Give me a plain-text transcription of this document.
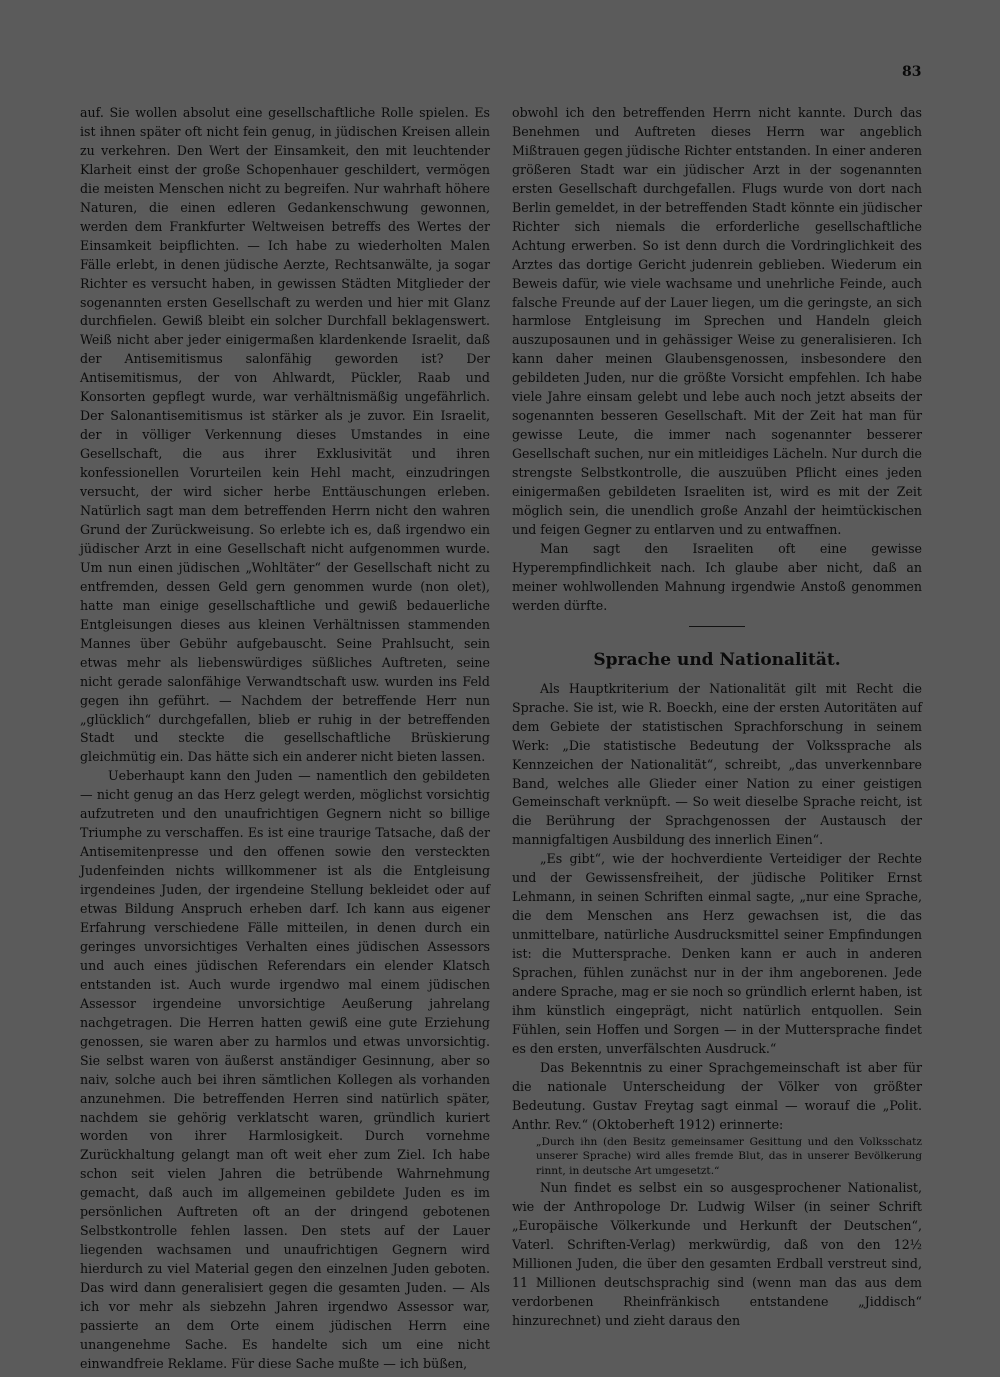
83

auf. Sie wollen absolut eine gesellschaftliche Rolle spielen. Es ist ihnen später oft nicht fein genug, in jüdischen Kreisen allein zu verkehren. Den Wert der Einsamkeit, den mit leuchtender Klarheit einst der große Schopenhauer geschildert, vermögen die meisten Menschen nicht zu begreifen. Nur wahrhaft höhere Naturen, die einen edleren Gedankenschwung gewonnen, werden dem Frankfurter Weltweisen betreffs des Wertes der Einsamkeit beipflichten. — Ich habe zu wiederholten Malen Fälle erlebt, in denen jüdische Aerzte, Rechtsanwälte, ja sogar Richter es versucht haben, in gewissen Städten Mitglieder der sogenannten ersten Gesellschaft zu werden und hier mit Glanz durchfielen. Gewiß bleibt ein solcher Durchfall beklagenswert. Weiß nicht aber jeder einigermaßen klardenkende Israelit, daß der Antisemitismus salonfähig geworden ist? Der Antisemitismus, der von Ahlwardt, Pückler, Raab und Konsorten gepflegt wurde, war verhältnismäßig ungefährlich. Der Salonantisemitismus ist stärker als je zuvor. Ein Israelit, der in völliger Verkennung dieses Umstandes in eine Gesellschaft, die aus ihrer Exklusivität und ihren konfessionellen Vorurteilen kein Hehl macht, einzudringen versucht, der wird sicher herbe Enttäuschungen erleben. Natürlich sagt man dem betreffenden Herrn nicht den wahren Grund der Zurückweisung. So erlebte ich es, daß irgendwo ein jüdischer Arzt in eine Gesellschaft nicht aufgenommen wurde. Um nun einen jüdischen „Wohltäter“ der Gesellschaft nicht zu entfremden, dessen Geld gern genommen wurde (non olet), hatte man einige gesellschaftliche und gewiß bedauerliche Entgleisungen dieses aus kleinen Verhältnissen stammenden Mannes über Gebühr aufgebauscht. Seine Prahlsucht, sein etwas mehr als liebenswürdiges süßliches Auftreten, seine nicht gerade salonfähige Verwandtschaft usw. wurden ins Feld gegen ihn geführt. — Nachdem der betreffende Herr nun „glücklich“ durchgefallen, blieb er ruhig in der betreffenden Stadt und steckte die gesellschaftliche Brüskierung gleichmütig ein. Das hätte sich ein anderer nicht bieten lassen.

Ueberhaupt kann den Juden — namentlich den gebildeten — nicht genug an das Herz gelegt werden, möglichst vorsichtig aufzutreten und den unaufrichtigen Gegnern nicht so billige Triumphe zu verschaffen. Es ist eine traurige Tatsache, daß der Antisemitenpresse und den offenen sowie den versteckten Judenfeinden nichts willkommener ist als die Entgleisung irgendeines Juden, der irgendeine Stellung bekleidet oder auf etwas Bildung Anspruch erheben darf. Ich kann aus eigener Erfahrung verschiedene Fälle mitteilen, in denen durch ein geringes unvorsichtiges Verhalten eines jüdischen Assessors und auch eines jüdischen Referendars ein elender Klatsch entstanden ist. Auch wurde irgendwo mal einem jüdischen Assessor irgendeine unvorsichtige Aeußerung jahrelang nachgetragen. Die Herren hatten gewiß eine gute Erziehung genossen, sie waren aber zu harmlos und etwas unvorsichtig. Sie selbst waren von äußerst anständiger Gesinnung, aber so naiv, solche auch bei ihren sämtlichen Kollegen als vorhanden anzunehmen. Die betreffenden Herren sind natürlich später, nachdem sie gehörig verklatscht waren, gründlich kuriert worden von ihrer Harmlosigkeit. Durch vornehme Zurückhaltung gelangt man oft weit eher zum Ziel. Ich habe schon seit vielen Jahren die betrübende Wahrnehmung gemacht, daß auch im allgemeinen gebildete Juden es im persönlichen Auftreten oft an der dringend gebotenen Selbstkontrolle fehlen lassen. Den stets auf der Lauer liegenden wachsamen und unaufrichtigen Gegnern wird hierdurch zu viel Material gegen den einzelnen Juden geboten. Das wird dann generalisiert gegen die gesamten Juden. — Als ich vor mehr als siebzehn Jahren irgendwo Assessor war, passierte an dem Orte einem jüdischen Herrn eine unangenehme Sache. Es handelte sich um eine nicht einwandfreie Reklame. Für diese Sache mußte — ich büßen,

obwohl ich den betreffenden Herrn nicht kannte. Durch das Benehmen und Auftreten dieses Herrn war angeblich Mißtrauen gegen jüdische Richter entstanden. In einer anderen größeren Stadt war ein jüdischer Arzt in der sogenannten ersten Gesellschaft durchgefallen. Flugs wurde von dort nach Berlin gemeldet, in der betreffenden Stadt könnte ein jüdischer Richter sich niemals die erforderliche gesellschaftliche Achtung erwerben. So ist denn durch die Vordringlichkeit des Arztes das dortige Gericht judenrein geblieben. Wiederum ein Beweis dafür, wie viele wachsame und unehrliche Feinde, auch falsche Freunde auf der Lauer liegen, um die geringste, an sich harmlose Entgleisung im Sprechen und Handeln gleich auszuposaunen und in gehässiger Weise zu generalisieren. Ich kann daher meinen Glaubensgenossen, insbesondere den gebildeten Juden, nur die größte Vorsicht empfehlen. Ich habe viele Jahre einsam gelebt und lebe auch noch jetzt abseits der sogenannten besseren Gesellschaft. Mit der Zeit hat man für gewisse Leute, die immer nach sogenannter besserer Gesellschaft suchen, nur ein mitleidiges Lächeln. Nur durch die strengste Selbstkontrolle, die auszuüben Pflicht eines jeden einigermaßen gebildeten Israeliten ist, wird es mit der Zeit möglich sein, die unendlich große Anzahl der heimtückischen und feigen Gegner zu entlarven und zu entwaffnen.

Man sagt den Israeliten oft eine gewisse Hyperempfindlichkeit nach. Ich glaube aber nicht, daß an meiner wohlwollenden Mahnung irgendwie Anstoß genommen werden dürfte.

Sprache und Nationalität.

Als Hauptkriterium der Nationalität gilt mit Recht die Sprache. Sie ist, wie R. Boeckh, eine der ersten Autoritäten auf dem Gebiete der statistischen Sprachforschung in seinem Werk: „Die statistische Bedeutung der Volkssprache als Kennzeichen der Nationalität“, schreibt, „das unverkennbare Band, welches alle Glieder einer Nation zu einer geistigen Gemeinschaft verknüpft. — So weit dieselbe Sprache reicht, ist die Berührung der Sprachgenossen der Austausch der mannigfaltigen Ausbildung des innerlich Einen“.

„Es gibt“, wie der hochverdiente Verteidiger der Rechte und der Gewissensfreiheit, der jüdische Politiker Ernst Lehmann, in seinen Schriften einmal sagte, „nur eine Sprache, die dem Menschen ans Herz gewachsen ist, die das unmittelbare, natürliche Ausdrucksmittel seiner Empfindungen ist: die Muttersprache. Denken kann er auch in anderen Sprachen, fühlen zunächst nur in der ihm angeborenen. Jede andere Sprache, mag er sie noch so gründlich erlernt haben, ist ihm künstlich eingeprägt, nicht natürlich entquollen. Sein Fühlen, sein Hoffen und Sorgen — in der Muttersprache findet es den ersten, unverfälschten Ausdruck.“

Das Bekenntnis zu einer Sprachgemeinschaft ist aber für die nationale Unterscheidung der Völker von größter Bedeutung. Gustav Freytag sagt einmal — worauf die „Polit. Anthr. Rev.“ (Oktoberheft 1912) erinnerte:

„Durch ihn (den Besitz gemeinsamer Gesittung und den Volksschatz unserer Sprache) wird alles fremde Blut, das in unserer Bevölkerung rinnt, in deutsche Art umgesetzt.“

Nun findet es selbst ein so ausgesprochener Nationalist, wie der Anthropologe Dr. Ludwig Wilser (in seiner Schrift „Europäische Völkerkunde und Herkunft der Deutschen“, Vaterl. Schriften-Verlag) merkwürdig, daß von den 12½ Millionen Juden, die über den gesamten Erdball verstreut sind, 11 Millionen deutschsprachig sind (wenn man das aus dem verdorbenen Rheinfränkisch entstandene „Jiddisch“ hinzurechnet) und zieht daraus den
